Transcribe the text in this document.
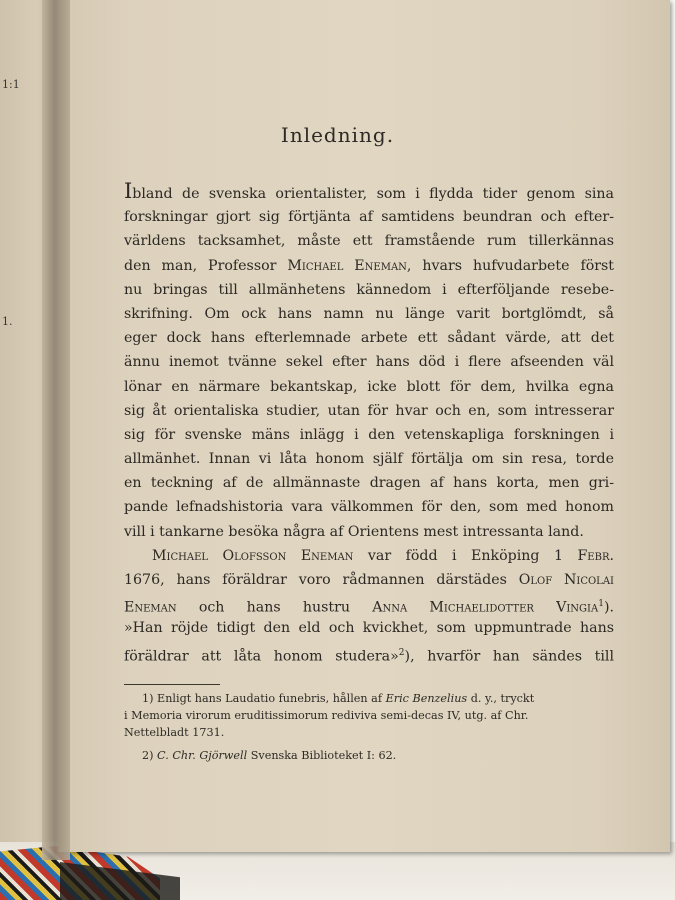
1:1
1.
Inledning.
Ibland de svenska orientalister, som i flydda tider genom sina
forskningar gjort sig förtjänta af samtidens beundran och efter-
världens tacksamhet, måste ett framstående rum tillerkännas
den man, Professor Michael Eneman, hvars hufvudarbete först
nu bringas till allmänhetens kännedom i efterföljande resebe-
skrifning. Om ock hans namn nu länge varit bortglömdt, så
eger dock hans efterlemnade arbete ett sådant värde, att det
ännu inemot tvänne sekel efter hans död i flere afseenden väl
lönar en närmare bekantskap, icke blott för dem, hvilka egna
sig åt orientaliska studier, utan för hvar och en, som intresserar
sig för svenske mäns inlägg i den vetenskapliga forskningen i
allmänhet. Innan vi låta honom själf förtälja om sin resa, torde
en teckning af de allmännaste dragen af hans korta, men gri-
pande lefnadshistoria vara välkommen för den, som med honom
vill i tankarne besöka några af Orientens mest intressanta land.
Michael Olofsson Eneman var född i Enköping 1 Febr.
1676, hans föräldrar voro rådmannen därstädes Olof Nicolai
Eneman och hans hustru Anna Michaelidotter Vingia$^1$).
»Han röjde tidigt den eld och kvickhet, som uppmuntrade hans
föräldrar att låta honom studera»$^2$), hvarför han sändes till
1) Enligt hans Laudatio funebris, hållen af Eric Benzelius d. y., tryckt
i Memoria virorum eruditissimorum rediviva semi-decas IV, utg. af Chr.
Nettelbladt 1731.
2) C. Chr. Gjörwell Svenska Biblioteket I: 62.
